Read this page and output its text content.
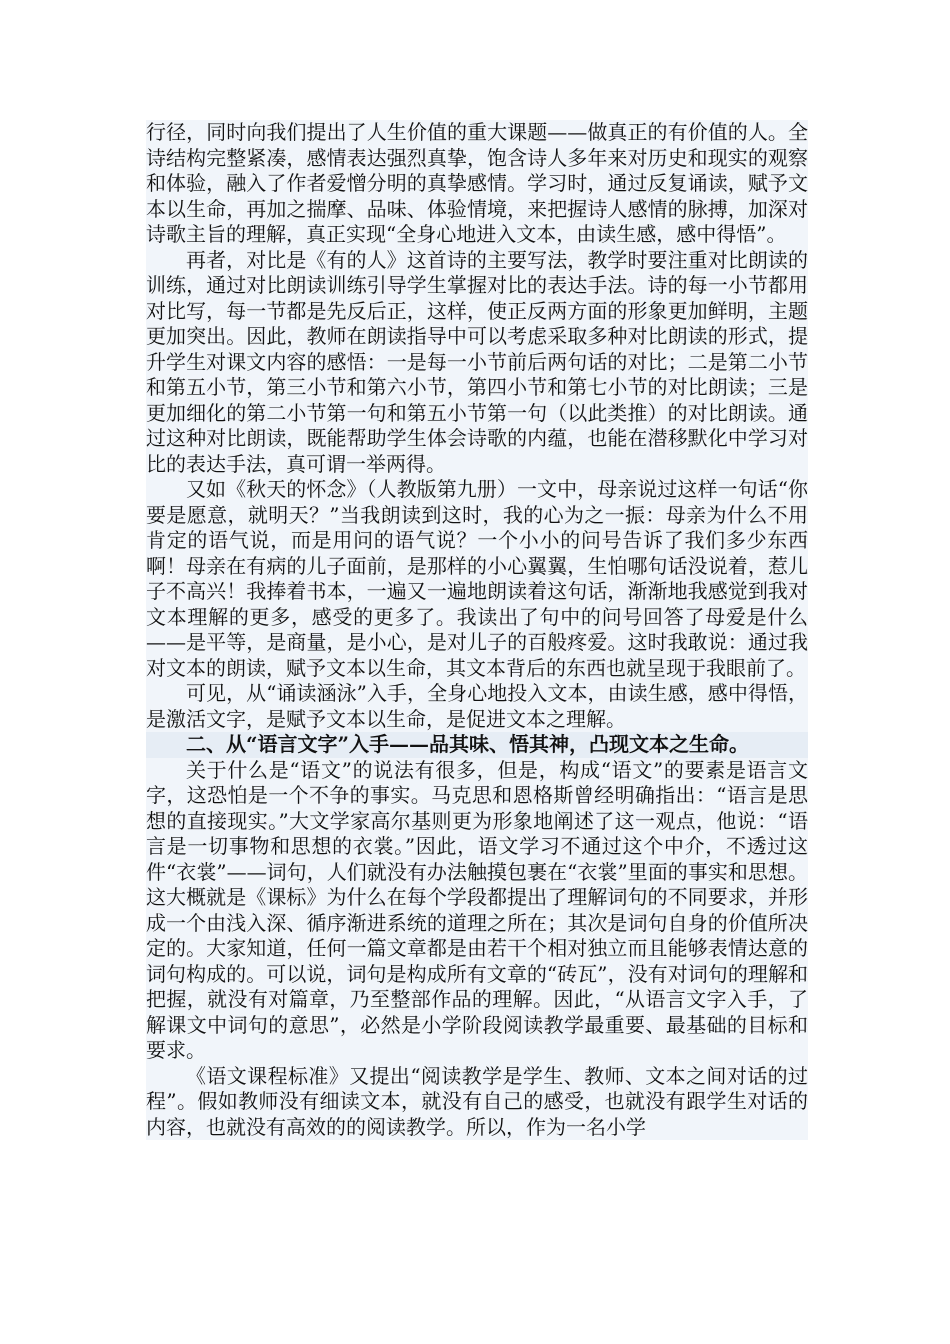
行径，同时向我们提出了人生价值的重大课题——做真正的有价值的人。全诗结构完整紧凑，感情表达强烈真挚，饱含诗人多年来对历史和现实的观察和体验，融入了作者爱憎分明的真挚感情。学习时，通过反复诵读，赋予文本以生命，再加之揣摩、品味、体验情境，来把握诗人感情的脉搏，加深对诗歌主旨的理解，真正实现“全身心地进入文本，由读生感，感中得悟”。

再者，对比是《有的人》这首诗的主要写法，教学时要注重对比朗读的训练，通过对比朗读训练引导学生掌握对比的表达手法。诗的每一小节都用对比写，每一节都是先反后正，这样，使正反两方面的形象更加鲜明，主题更加突出。因此，教师在朗读指导中可以考虑采取多种对比朗读的形式，提升学生对课文内容的感悟：一是每一小节前后两句话的对比；二是第二小节和第五小节，第三小节和第六小节，第四小节和第七小节的对比朗读；三是更加细化的第二小节第一句和第五小节第一句（以此类推）的对比朗读。通过这种对比朗读，既能帮助学生体会诗歌的内蕴，也能在潜移默化中学习对比的表达手法，真可谓一举两得。

又如《秋天的怀念》（人教版第九册）一文中，母亲说过这样一句话“你要是愿意，就明天？”当我朗读到这时，我的心为之一振：母亲为什么不用肯定的语气说，而是用问的语气说？一个小小的问号告诉了我们多少东西啊！母亲在有病的儿子面前，是那样的小心翼翼，生怕哪句话没说着，惹儿子不高兴！我捧着书本，一遍又一遍地朗读着这句话，渐渐地我感觉到我对文本理解的更多，感受的更多了。我读出了句中的问号回答了母爱是什么——是平等，是商量，是小心，是对儿子的百般疼爱。这时我敢说：通过我对文本的朗读，赋予文本以生命，其文本背后的东西也就呈现于我眼前了。

可见，从“诵读涵泳”入手，全身心地投入文本，由读生感，感中得悟，是激活文字，是赋予文本以生命，是促进文本之理解。

二、从“语言文字”入手——品其味、悟其神，凸现文本之生命。

关于什么是“语文”的说法有很多，但是，构成“语文”的要素是语言文字，这恐怕是一个不争的事实。马克思和恩格斯曾经明确指出：“语言是思想的直接现实。”大文学家高尔基则更为形象地阐述了这一观点，他说：“语言是一切事物和思想的衣裳。”因此，语文学习不通过这个中介，不透过这件“衣裳”——词句，人们就没有办法触摸包裹在“衣裳”里面的事实和思想。这大概就是《课标》为什么在每个学段都提出了理解词句的不同要求，并形成一个由浅入深、循序渐进系统的道理之所在；其次是词句自身的价值所决定的。大家知道，任何一篇文章都是由若干个相对独立而且能够表情达意的词句构成的。可以说，词句是构成所有文章的“砖瓦”，没有对词句的理解和把握，就没有对篇章，乃至整部作品的理解。因此，“从语言文字入手，了解课文中词句的意思”，必然是小学阶段阅读教学最重要、最基础的目标和要求。

《语文课程标准》又提出“阅读教学是学生、教师、文本之间对话的过程”。假如教师没有细读文本，就没有自己的感受，也就没有跟学生对话的内容，也就没有高效的的阅读教学。所以，作为一名小学
